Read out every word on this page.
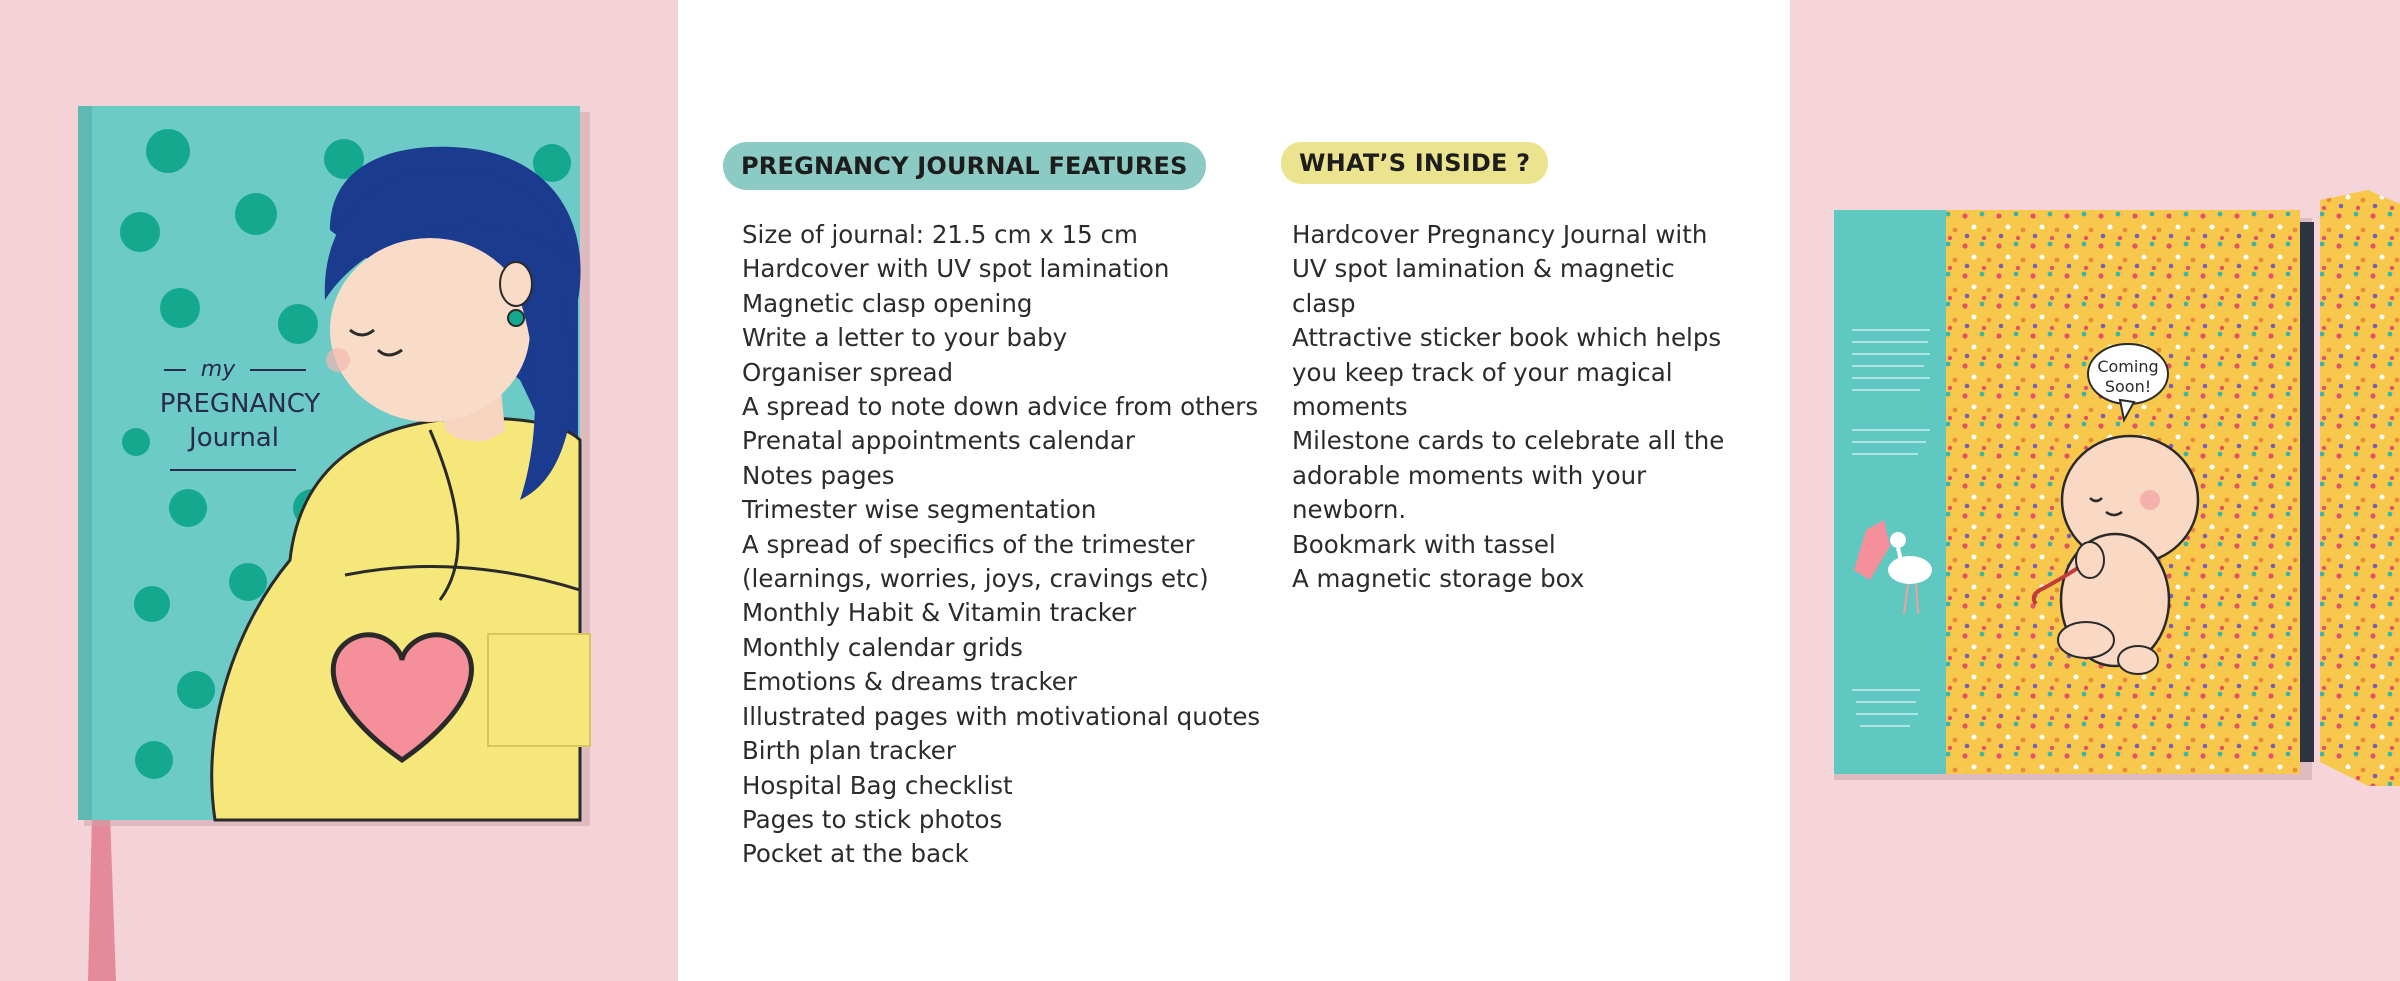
my
PREGNANCY
Journal
PREGNANCY JOURNAL FEATURES
Size of journal: 21.5 cm x 15 cm
Hardcover with UV spot lamination
Magnetic clasp opening
Write a letter to your baby
Organiser spread
A spread to note down advice from others
Prenatal appointments calendar
Notes pages
Trimester wise segmentation
A spread of specifics of the trimester
(learnings, worries, joys, cravings etc)
Monthly Habit & Vitamin tracker
Monthly calendar grids
Emotions & dreams tracker
Illustrated pages with motivational quotes
Birth plan tracker
Hospital Bag checklist
Pages to stick photos
Pocket at the back
WHAT’S INSIDE ?
Hardcover Pregnancy Journal with
UV spot lamination & magnetic
clasp
Attractive sticker book which helps
you keep track of your magical
moments
Milestone cards to celebrate all the
adorable moments with your
newborn.
Bookmark with tassel
A magnetic storage box
Coming
Soon!
